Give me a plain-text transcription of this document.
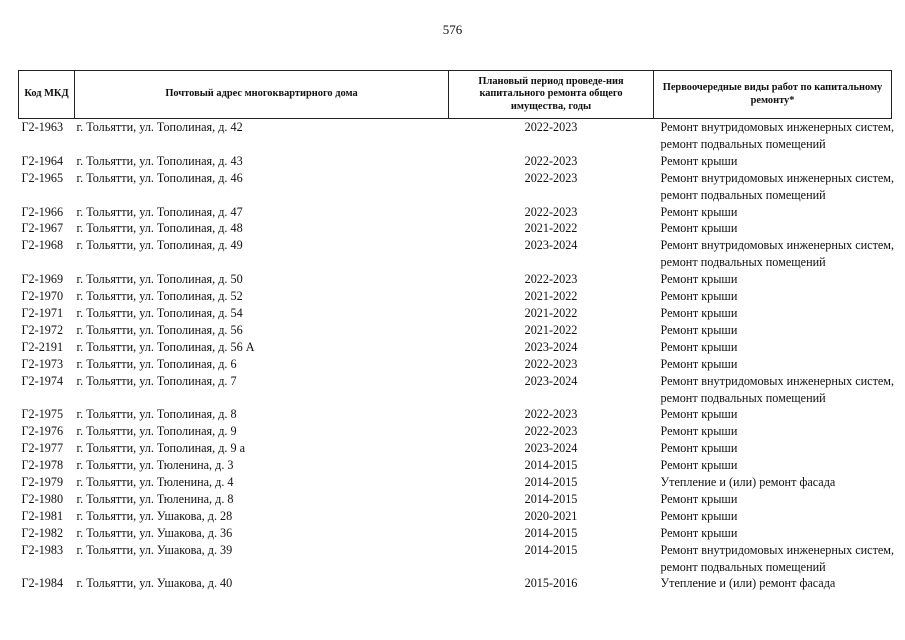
576
Код МКД	Почтовый адрес многоквартирного дома	Плановый период проведе-ния капитального ремонта общего имущества, годы	Первоочередные виды работ по капитальному ремонту*
Г2-1963	г. Тольятти, ул. Тополиная, д. 42	2022-2023	Ремонт внутридомовых инженерных систем,
ремонт подвальных помещений

Г2-1964	г. Тольятти, ул. Тополиная, д. 43	2022-2023	Ремонт крыши

Г2-1965	г. Тольятти, ул. Тополиная, д. 46	2022-2023	Ремонт внутридомовых инженерных систем,
ремонт подвальных помещений

Г2-1966	г. Тольятти, ул. Тополиная, д. 47	2022-2023	Ремонт крыши

Г2-1967	г. Тольятти, ул. Тополиная, д. 48	2021-2022	Ремонт крыши

Г2-1968	г. Тольятти, ул. Тополиная, д. 49	2023-2024	Ремонт внутридомовых инженерных систем,
ремонт подвальных помещений

Г2-1969	г. Тольятти, ул. Тополиная, д. 50	2022-2023	Ремонт крыши

Г2-1970	г. Тольятти, ул. Тополиная, д. 52	2021-2022	Ремонт крыши

Г2-1971	г. Тольятти, ул. Тополиная, д. 54	2021-2022	Ремонт крыши

Г2-1972	г. Тольятти, ул. Тополиная, д. 56	2021-2022	Ремонт крыши

Г2-2191	г. Тольятти, ул. Тополиная, д. 56 А	2023-2024	Ремонт крыши

Г2-1973	г. Тольятти, ул. Тополиная, д. 6	2022-2023	Ремонт крыши

Г2-1974	г. Тольятти, ул. Тополиная, д. 7	2023-2024	Ремонт внутридомовых инженерных систем,
ремонт подвальных помещений

Г2-1975	г. Тольятти, ул. Тополиная, д. 8	2022-2023	Ремонт крыши

Г2-1976	г. Тольятти, ул. Тополиная, д. 9	2022-2023	Ремонт крыши

Г2-1977	г. Тольятти, ул. Тополиная, д. 9 а	2023-2024	Ремонт крыши

Г2-1978	г. Тольятти, ул. Тюленина, д. 3	2014-2015	Ремонт крыши

Г2-1979	г. Тольятти, ул. Тюленина, д. 4	2014-2015	Утепление и (или) ремонт фасада

Г2-1980	г. Тольятти, ул. Тюленина, д. 8	2014-2015	Ремонт крыши

Г2-1981	г. Тольятти, ул. Ушакова, д. 28	2020-2021	Ремонт крыши

Г2-1982	г. Тольятти, ул. Ушакова, д. 36	2014-2015	Ремонт крыши

Г2-1983	г. Тольятти, ул. Ушакова, д. 39	2014-2015	Ремонт внутридомовых инженерных систем,
ремонт подвальных помещений

Г2-1984	г. Тольятти, ул. Ушакова, д. 40	2015-2016	Утепление и (или) ремонт фасада
